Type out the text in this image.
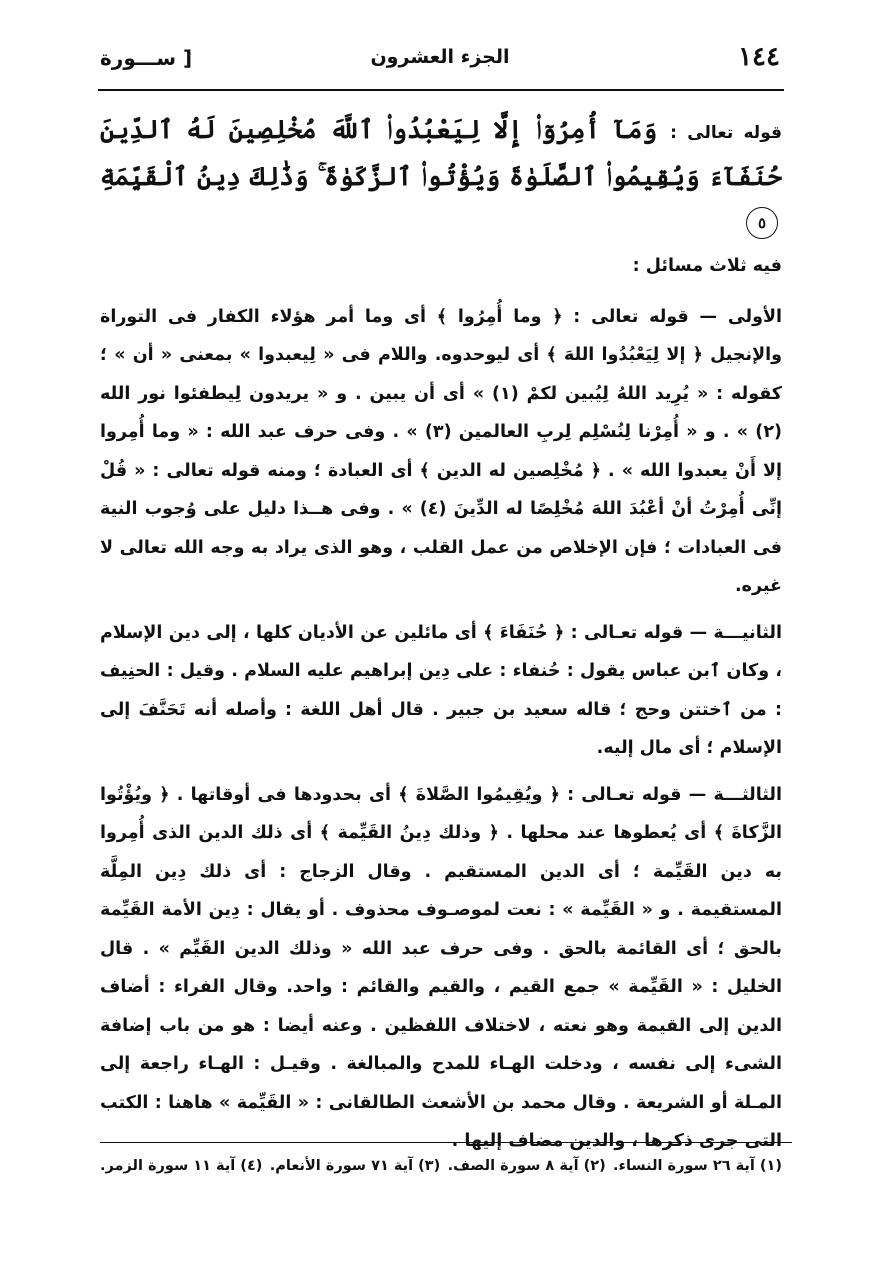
١٤٤
الجزء العشرون
[ ســـورة
قوله تعالى : وَمَآ أُمِرُوٓا۟ إِلَّا لِيَعْبُدُوا۟ ٱللَّهَ مُخْلِصِينَ لَهُ ٱلدِّينَ حُنَفَآءَ وَيُقِيمُوا۟ ٱلصَّلَوٰةَ وَيُؤْتُوا۟ ٱلزَّكَوٰةَ ۚ وَذَٰلِكَ دِينُ ٱلْقَيِّمَةِ ٥

فيه ثلاث مسائل :

الأولى — قوله تعالى : ﴿ وما أُمِرُوا ﴾ أى وما أمر هؤلاء الكفار فى التوراة والإنجيل ﴿ إلا لِيَعْبُدُوا اللهَ ﴾ أى ليوحدوه. واللام فى « لِيعبدوا » بمعنى « أن » ؛ كقوله : « يُرِيد اللهُ لِيُبين لكمْ (١) » أى أن يبين . و « يريدون لِيطفئوا نور الله (٢) » . و « أُمِرْنا لِنُسْلِم لِربِ العالمين (٣) » . وفى حرف عبد الله : « وما أُمِروا إلا أَنْ يعبدوا الله » . ﴿ مُخْلِصين له الدين ﴾ أى العبادة ؛ ومنه قوله تعالى : « قُلْ إنِّى أُمِرْتُ أنْ أعْبُدَ اللهَ مُخْلِصًا له الدِّينَ (٤) » . وفى هــذا دليل على وُجوب النية فى العبادات ؛ فإن الإخلاص من عمل القلب ، وهو الذى يراد به وجه الله تعالى لا غيره.

الثانيـــة — قوله تعـالى : ﴿ حُنَفَاءَ ﴾ أى مائلين عن الأديان كلها ، إلى دين الإسلام ، وكان ٱبن عباس يقول : حُنفاء : على دِين إبراهيم عليه السلام . وقيل : الحنِيف : من ٱختتن وحج ؛ قاله سعيد بن جبير . قال أهل اللغة : وأصله أنه تَحَنَّفَ إلى الإسلام ؛ أى مال إليه.

الثالثـــة — قوله تعـالى : ﴿ ويُقِيمُوا الصَّلاةَ ﴾ أى بحدودها فى أوقاتها . ﴿ ويُؤْتُوا الزَّكاةَ ﴾ أى يُعطوها عند محلها . ﴿ وذلك دِينُ القَيِّمة ﴾ أى ذلك الدين الذى أُمِروا به دين القَيِّمة ؛ أى الدين المستقيم . وقال الزجاج : أى ذلك دِين المِلَّة المستقيمة . و « القَيِّمة » : نعت لموصـوف محذوف . أو يقال : دِين الأمة القَيِّمة بالحق ؛ أى القائمة بالحق . وفى حرف عبد الله « وذلك الدين القَيِّم » . قال الخليل : « القَيِّمة » جمع القيم ، والقيم والقائم : واحد. وقال الفراء : أضاف الدين إلى القيمة وهو نعته ، لاختلاف اللفظين . وعنه أيضا : هو من باب إضافة الشىء إلى نفسه ، ودخلت الهـاء للمدح والمبالغة . وقيـل : الهـاء راجعة إلى المـلة أو الشريعة . وقال محمد بن الأشعث الطالقانى : « القَيِّمة » هاهنا : الكتب التى جرى ذكرها ، والدين مضاف إليها .

(١) آية ٢٦ سورة النساء.
(٢) آية ٨ سورة الصف.
(٣) آية ٧١ سورة الأنعام.
(٤) آية ١١ سورة الزمر.
